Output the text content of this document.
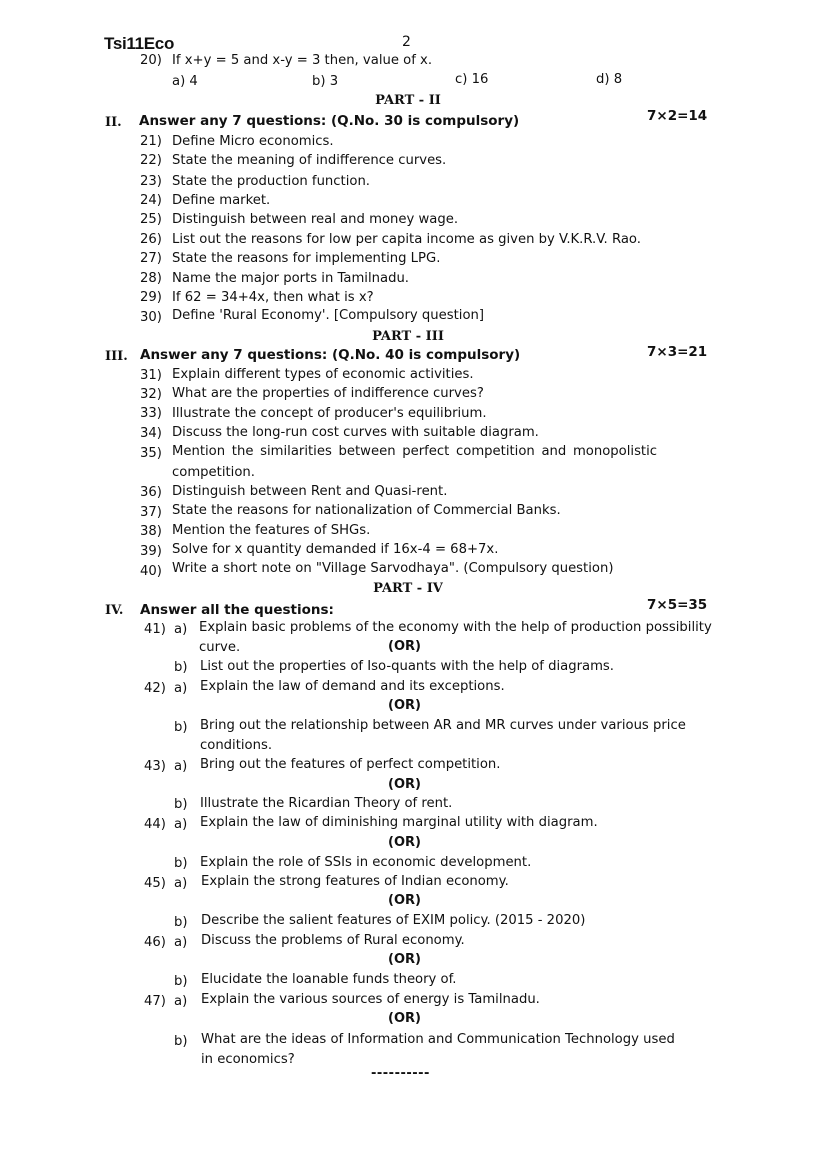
Tsi11Eco	2
20) If x+y = 5 and x-y = 3 then, value of x.
a) 4	b) 3	c) 16	d) 8
PART - II
II. Answer any 7 questions: (Q.No. 30 is compulsory)	7×2=14
21) Define Micro economics.
22) State the meaning of indifference curves.
23) State the production function.
24) Define market.
25) Distinguish between real and money wage.
26) List out the reasons for low per capita income as given by V.K.R.V. Rao.
27) State the reasons for implementing LPG.
28) Name the major ports in Tamilnadu.
29) If 62 = 34+4x, then what is x?
30) Define 'Rural Economy'. [Compulsory question]
PART - III
III. Answer any 7 questions: (Q.No. 40 is compulsory)	7×3=21
31) Explain different types of economic activities.
32) What are the properties of indifference curves?
33) Illustrate the concept of producer's equilibrium.
34) Discuss the long-run cost curves with suitable diagram.
35) Mention the similarities between perfect competition and monopolistic
competition.
36) Distinguish between Rent and Quasi-rent.
37) State the reasons for nationalization of Commercial Banks.
38) Mention the features of SHGs.
39) Solve for x quantity demanded if 16x-4 = 68+7x.
40) Write a short note on "Village Sarvodhaya". (Compulsory question)
PART - IV
IV. Answer all the questions:	7×5=35
41) a) Explain basic problems of the economy with the help of production possibility
curve.	(OR)
b) List out the properties of Iso-quants with the help of diagrams.
42) a) Explain the law of demand and its exceptions.
(OR)
b) Bring out the relationship between AR and MR curves under various price
conditions.
43) a) Bring out the features of perfect competition.
(OR)
b) Illustrate the Ricardian Theory of rent.
44) a) Explain the law of diminishing marginal utility with diagram.
(OR)
b) Explain the role of SSIs in economic development.
45) a) Explain the strong features of Indian economy.
(OR)
b) Describe the salient features of EXIM policy. (2015 - 2020)
46) a) Discuss the problems of Rural economy.
(OR)
b) Elucidate the loanable funds theory of.
47) a) Explain the various sources of energy is Tamilnadu.
(OR)
b) What are the ideas of Information and Communication Technology used
in economics?
----------
